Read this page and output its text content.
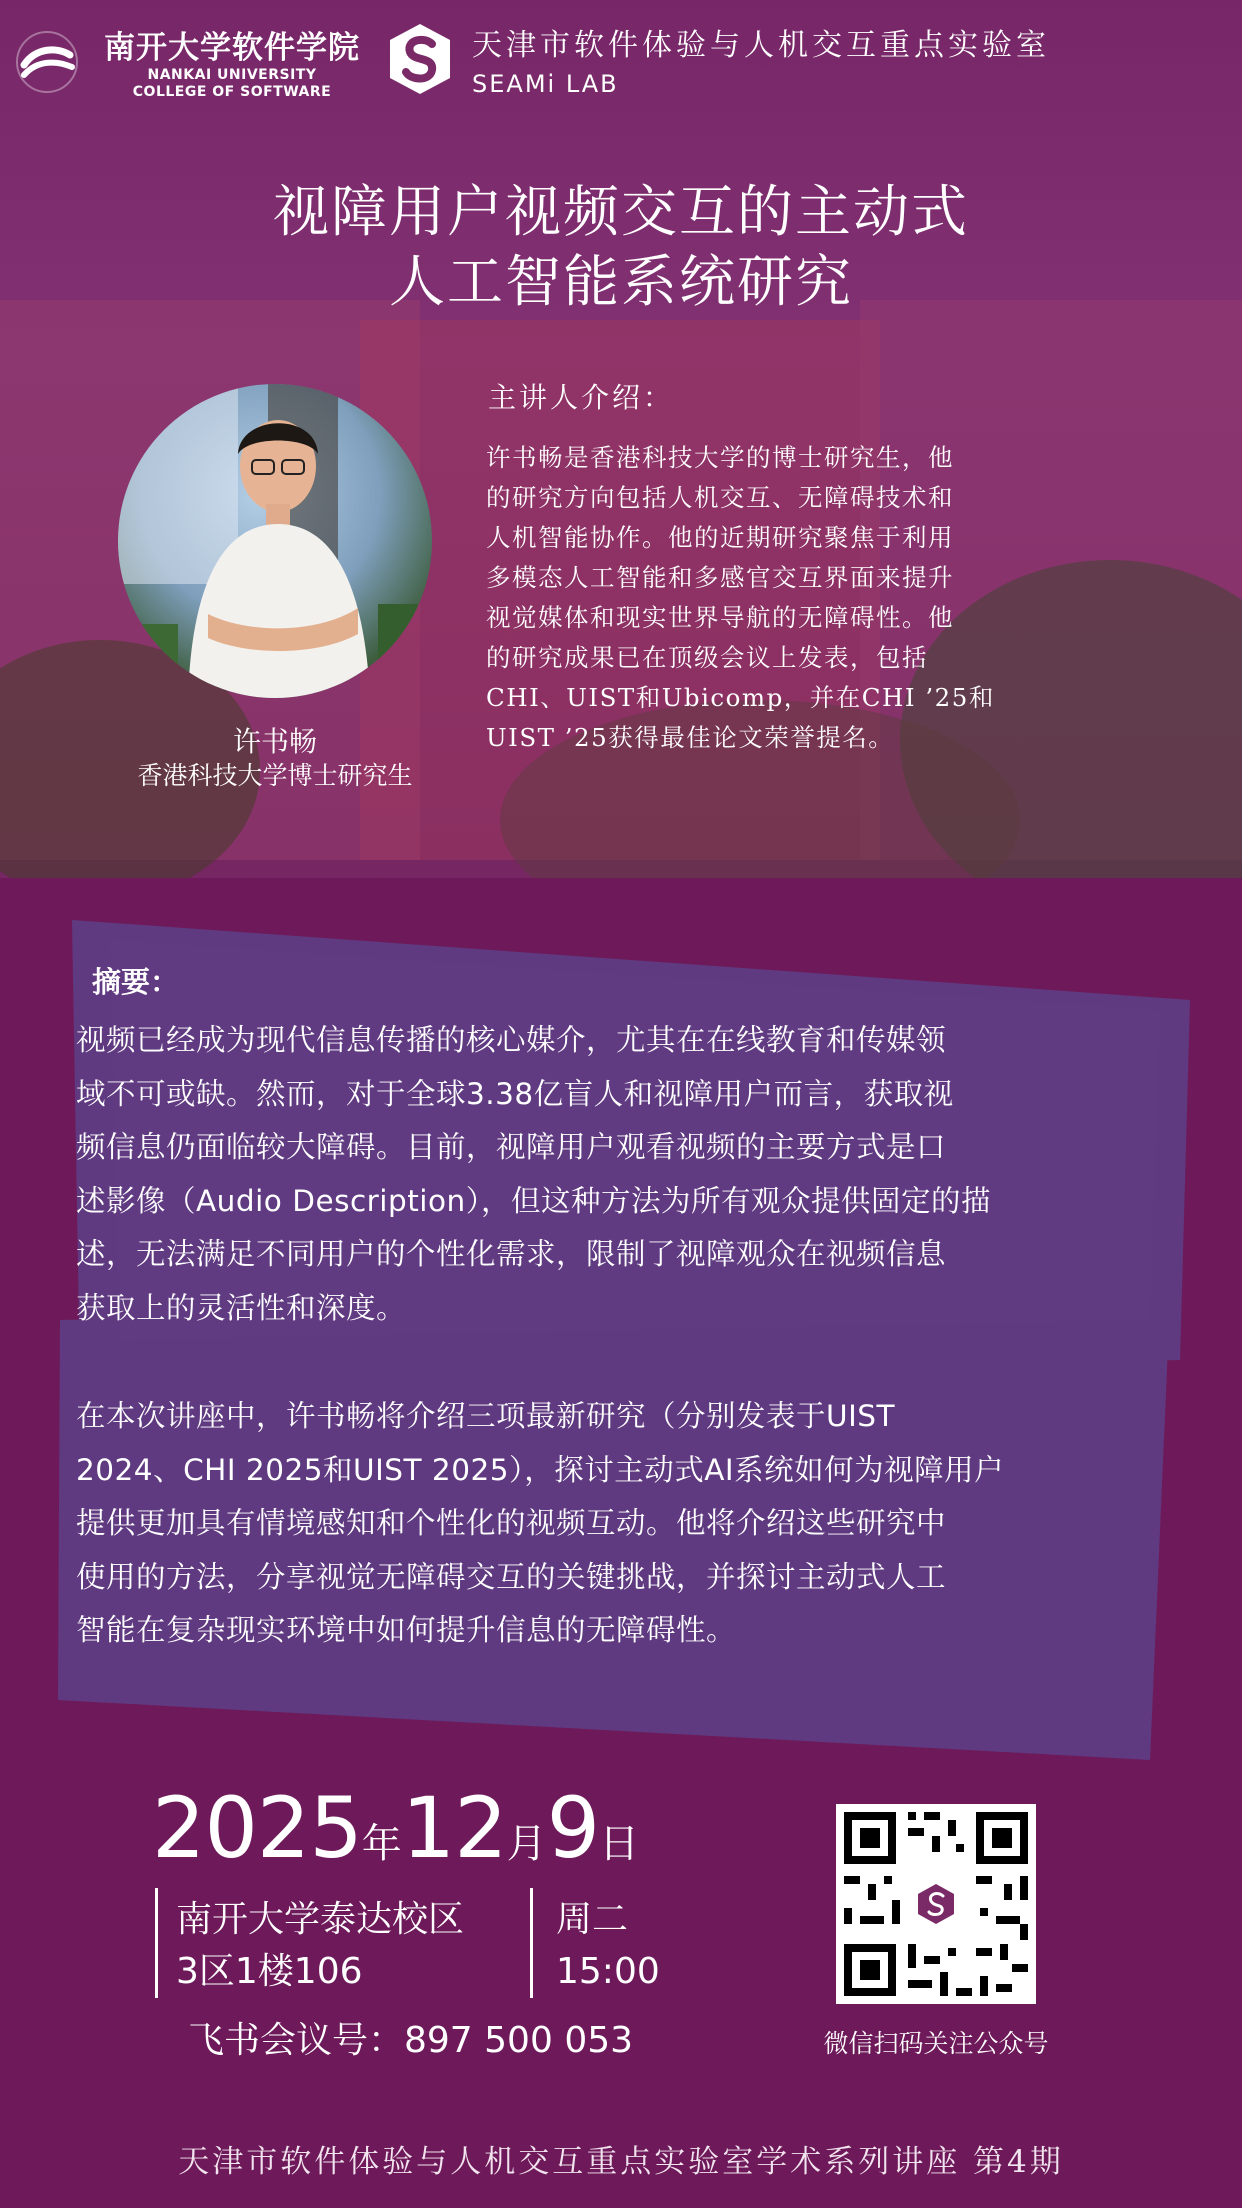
南开大学软件学院
NANKAI UNIVERSITY
COLLEGE OF SOFTWARE
天津市软件体验与人机交互重点实验室
SEAMi LAB
视障用户视频交互的主动式
人工智能系统研究
许书畅
香港科技大学博士研究生
主讲人介绍：
许书畅是香港科技大学的博士研究生，他
的研究方向包括人机交互、无障碍技术和
人机智能协作。他的近期研究聚焦于利用
多模态人工智能和多感官交互界面来提升
视觉媒体和现实世界导航的无障碍性。他
的研究成果已在顶级会议上发表，包括
CHI、UIST和Ubicomp，并在CHI ’25和
UIST ’25获得最佳论文荣誉提名。
摘要：
视频已经成为现代信息传播的核心媒介，尤其在在线教育和传媒领
域不可或缺。然而，对于全球3.38亿盲人和视障用户而言，获取视
频信息仍面临较大障碍。目前，视障用户观看视频的主要方式是口
述影像（Audio Description），但这种方法为所有观众提供固定的描
述，无法满足不同用户的个性化需求，限制了视障观众在视频信息
获取上的灵活性和深度。
在本次讲座中，许书畅将介绍三项最新研究（分别发表于UIST
2024、CHI 2025和UIST 2025），探讨主动式AI系统如何为视障用户
提供更加具有情境感知和个性化的视频互动。他将介绍这些研究中
使用的方法，分享视觉无障碍交互的关键挑战，并探讨主动式人工
智能在复杂现实环境中如何提升信息的无障碍性。
2025年12月9日
南开大学泰达校区
3区1楼106
周二
15:00
飞书会议号：897 500 053	微信扫码关注公众号
天津市软件体验与人机交互重点实验室学术系列讲座 第4期
